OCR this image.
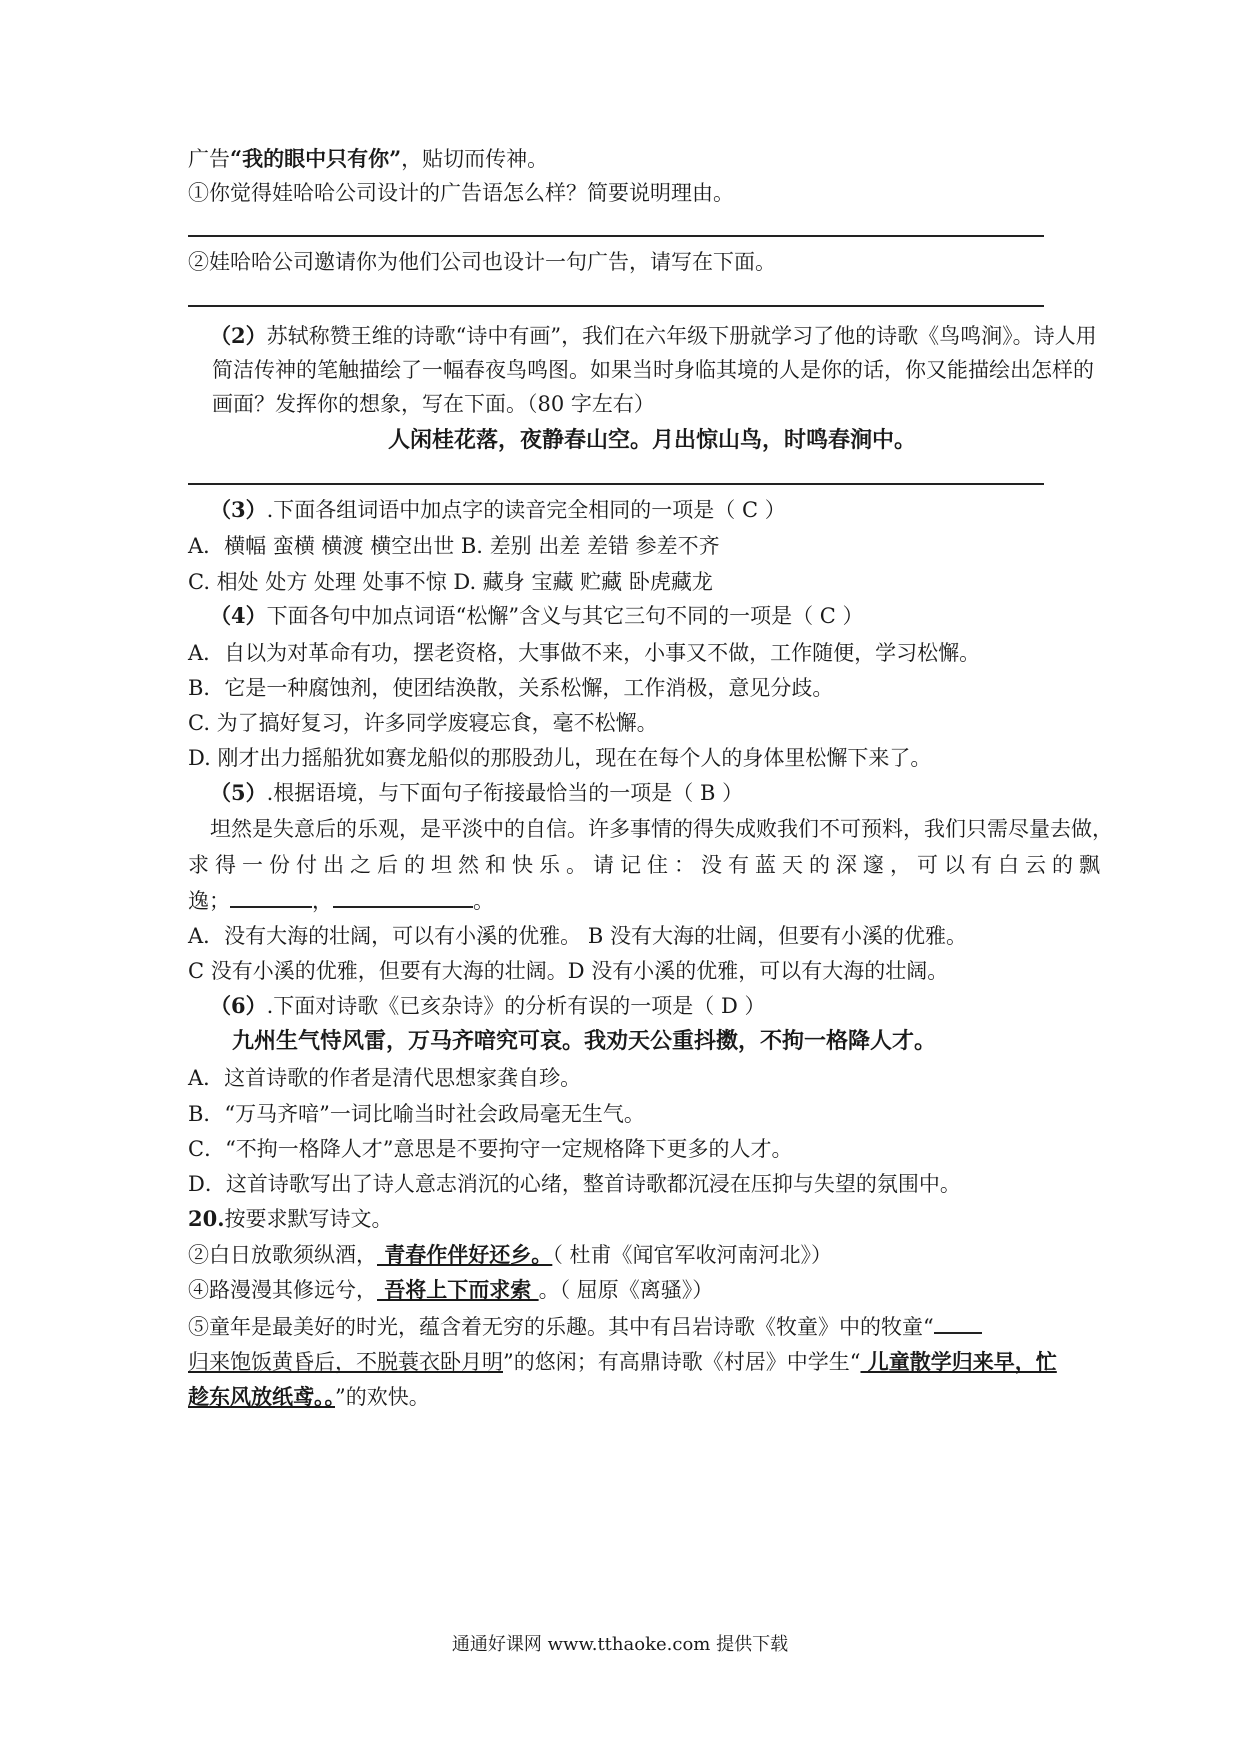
广告“我的眼中只有你”，贴切而传神。
①你觉得娃哈哈公司设计的广告语怎么样？简要说明理由。
②娃哈哈公司邀请你为他们公司也设计一句广告，请写在下面。
（2）苏轼称赞王维的诗歌“诗中有画”，我们在六年级下册就学习了他的诗歌《鸟鸣涧》。诗人用
简洁传神的笔触描绘了一幅春夜鸟鸣图。如果当时身临其境的人是你的话，你又能描绘出怎样的
画面？发挥你的想象，写在下面。（80 字左右）
人闲桂花落，夜静春山空。月出惊山鸟，时鸣春涧中。
（3）.下面各组词语中加点字的读音完全相同的一项是（ C ）
A．横幅 蛮横 横渡 横空出世 B. 差别 出差 差错 参差不齐
C. 相处 处方 处理 处事不惊 D. 藏身 宝藏 贮藏 卧虎藏龙
（4）下面各句中加点词语“松懈”含义与其它三句不同的一项是（ C ）
A．自以为对革命有功，摆老资格，大事做不来，小事又不做，工作随便，学习松懈。
B．它是一种腐蚀剂，使团结涣散，关系松懈，工作消极，意见分歧。
C. 为了搞好复习，许多同学废寝忘食，毫不松懈。
D. 刚才出力摇船犹如赛龙船似的那股劲儿，现在在每个人的身体里松懈下来了。
（5）.根据语境，与下面句子衔接最恰当的一项是（ B ）
坦然是失意后的乐观，是平淡中的自信。许多事情的得失成败我们不可预料，我们只需尽量去做，
求得一份付出之后的坦然和快乐。请记住：没有蓝天的深邃，可以有白云的飘
逸；	，	。
A．没有大海的壮阔，可以有小溪的优雅。 B 没有大海的壮阔，但要有小溪的优雅。
C 没有小溪的优雅，但要有大海的壮阔。D 没有小溪的优雅，可以有大海的壮阔。
（6）.下面对诗歌《已亥杂诗》的分析有误的一项是（ D ）
九州生气恃风雷，万马齐喑究可哀。我劝天公重抖擞，不拘一格降人才。
A．这首诗歌的作者是清代思想家龚自珍。
B．“万马齐喑”一词比喻当时社会政局毫无生气。
C．“不拘一格降人才”意思是不要拘守一定规格降下更多的人才。
D．这首诗歌写出了诗人意志消沉的心绪，整首诗歌都沉浸在压抑与失望的氛围中。
20.按要求默写诗文。
②白日放歌须纵酒， 青春作伴好还乡。（ 杜甫《闻官军收河南河北》）
④路漫漫其修远兮， 吾将上下而求索 。（ 屈原《离骚》）
⑤童年是最美好的时光，蕴含着无穷的乐趣。其中有吕岩诗歌《牧童》中的牧童“
归来饱饭黄昏后，不脱蓑衣卧月明”的悠闲；有高鼎诗歌《村居》中学生“ 儿童散学归来早，忙
趁东风放纸鸢。。”的欢快。
通通好课网 www.tthaoke.com 提供下载
